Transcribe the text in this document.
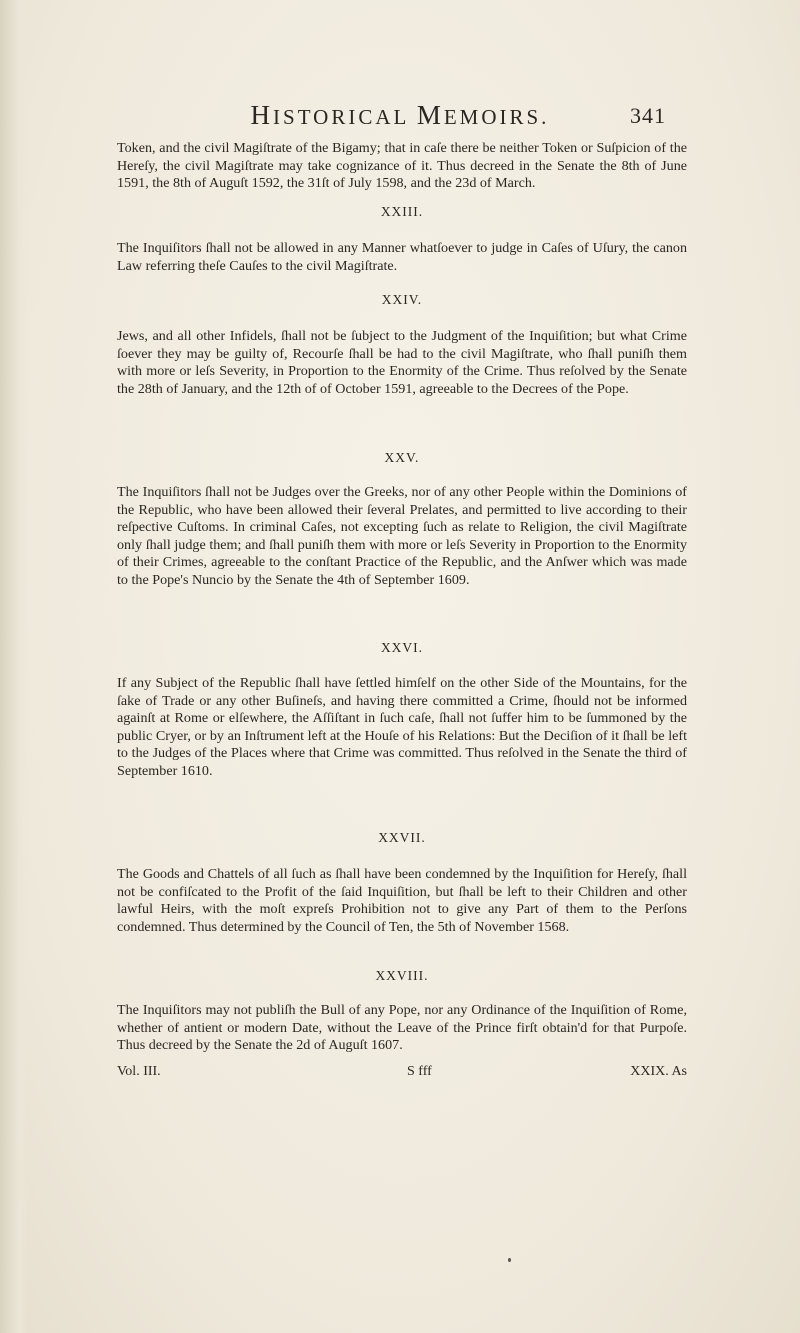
HISTORICAL MEMOIRS.	341

Token, and the civil Magiſtrate of the Bigamy; that in caſe there be neither Token or Suſpicion of the Hereſy, the civil Magiſtrate may take cognizance of it. Thus decreed in the Senate the 8th of June 1591, the 8th of Auguſt 1592, the 31ſt of July 1598, and the 23d of March.

XXIII.

The Inquiſitors ſhall not be allowed in any Manner whatſoever to judge in Caſes of Uſury, the canon Law referring theſe Cauſes to the civil Magiſtrate.

XXIV.

Jews, and all other Infidels, ſhall not be ſubject to the Judgment of the Inquiſition; but what Crime ſoever they may be guilty of, Recourſe ſhall be had to the civil Magiſtrate, who ſhall puniſh them with more or leſs Severity, in Proportion to the Enormity of the Crime. Thus reſolved by the Senate the 28th of January, and the 12th of of October 1591, agreeable to the Decrees of the Pope.

XXV.

The Inquiſitors ſhall not be Judges over the Greeks, nor of any other People within the Dominions of the Republic, who have been allowed their ſeveral Prelates, and permitted to live according to their reſpective Cuſtoms. In criminal Caſes, not excepting ſuch as relate to Religion, the civil Magiſtrate only ſhall judge them; and ſhall puniſh them with more or leſs Severity in Proportion to the Enormity of their Crimes, agreeable to the conſtant Practice of the Republic, and the Anſwer which was made to the Pope's Nuncio by the Senate the 4th of September 1609.

XXVI.

If any Subject of the Republic ſhall have ſettled himſelf on the other Side of the Mountains, for the ſake of Trade or any other Buſineſs, and having there committed a Crime, ſhould not be informed againſt at Rome or elſewhere, the Aſſiſtant in ſuch caſe, ſhall not ſuffer him to be ſummoned by the public Cryer, or by an Inſtrument left at the Houſe of his Relations: But the Deciſion of it ſhall be left to the Judges of the Places where that Crime was committed. Thus reſolved in the Senate the third of September 1610.

XXVII.

The Goods and Chattels of all ſuch as ſhall have been condemned by the Inquiſition for Hereſy, ſhall not be confiſcated to the Profit of the ſaid Inquiſition, but ſhall be left to their Children and other lawful Heirs, with the moſt expreſs Prohibition not to give any Part of them to the Perſons condemned. Thus determined by the Council of Ten, the 5th of November 1568.

XXVIII.

The Inquiſitors may not publiſh the Bull of any Pope, nor any Ordinance of the Inquiſition of Rome, whether of antient or modern Date, without the Leave of the Prince firſt obtain'd for that Purpoſe. Thus decreed by the Senate the 2d of Auguſt 1607.

Vol. III.	S fff	XXIX. As
